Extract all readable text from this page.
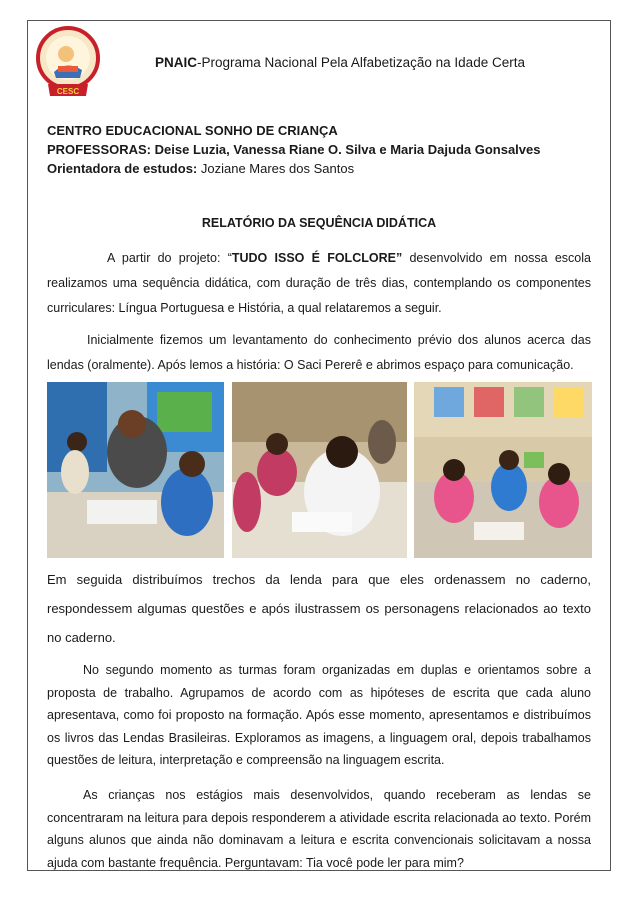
CESC
PNAIC-Programa Nacional Pela Alfabetização na Idade Certa
CENTRO EDUCACIONAL SONHO DE CRIANÇA
PROFESSORAS: Deise Luzia, Vanessa Riane O. Silva e Maria Dajuda Gonsalves
Orientadora de estudos: Joziane Mares dos Santos
RELATÓRIO DA SEQUÊNCIA DIDÁTICA
A partir do projeto: “TUDO ISSO É FOLCLORE” desenvolvido em nossa escola realizamos uma sequência didática, com duração de três dias, contemplando os componentes curriculares: Língua Portuguesa e História, a qual relataremos a seguir.
Inicialmente fizemos um levantamento do conhecimento prévio dos alunos acerca das lendas (oralmente). Após lemos a história: O Saci Pererê e abrimos espaço para comunicação.
Em seguida distribuímos trechos da lenda para que eles ordenassem no caderno, respondessem algumas questões e após ilustrassem os personagens relacionados ao texto no caderno.
No segundo momento as turmas foram organizadas em duplas e orientamos sobre a proposta de trabalho. Agrupamos de acordo com as hipóteses de escrita que cada aluno apresentava, como foi proposto na formação. Após esse momento, apresentamos e distribuímos os livros das Lendas Brasileiras. Exploramos as imagens, a linguagem oral, depois trabalhamos questões de leitura, interpretação e compreensão na linguagem escrita.
As crianças nos estágios mais desenvolvidos, quando receberam as lendas se concentraram na leitura para depois responderem a atividade escrita relacionada ao texto. Porém alguns alunos que ainda não dominavam a leitura e escrita convencionais solicitavam a nossa ajuda com bastante frequência. Perguntavam: Tia você pode ler para mim?
